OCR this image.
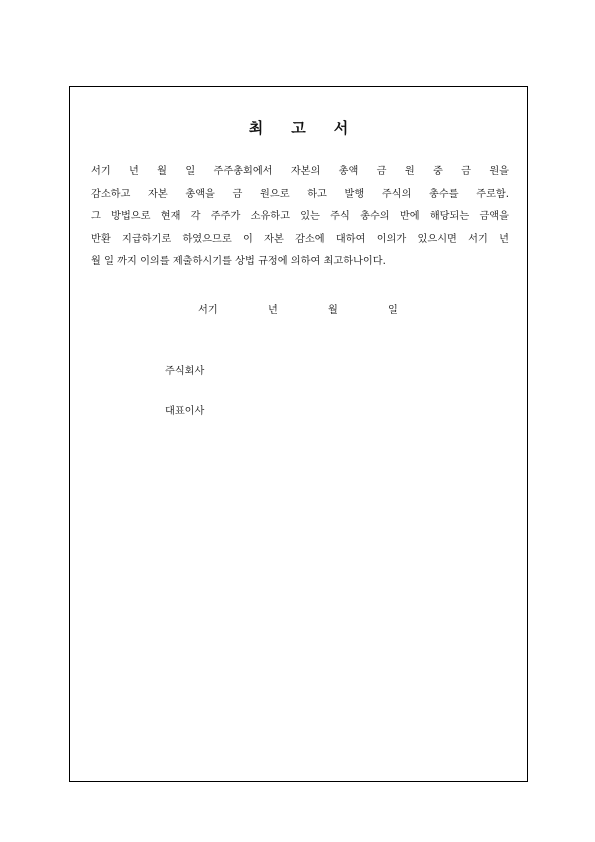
최 고 서
서기 년 월 일 주주총회에서 자본의 총액 금 원 중 금 원을
감소하고 자본 총액을 금 원으로 하고 발행 주식의 총수를 주로함.
그 방법으로 현재 각 주주가 소유하고 있는 주식 총수의 반에 해당되는 금액을
반환 지급하기로 하였으므로 이 자본 감소에 대하여 이의가 있으시면 서기 년
월 일 까지 이의를 제출하시기를 상법 규정에 의하여 최고하나이다.
서기	년	월	일

주식회사

대표이사
